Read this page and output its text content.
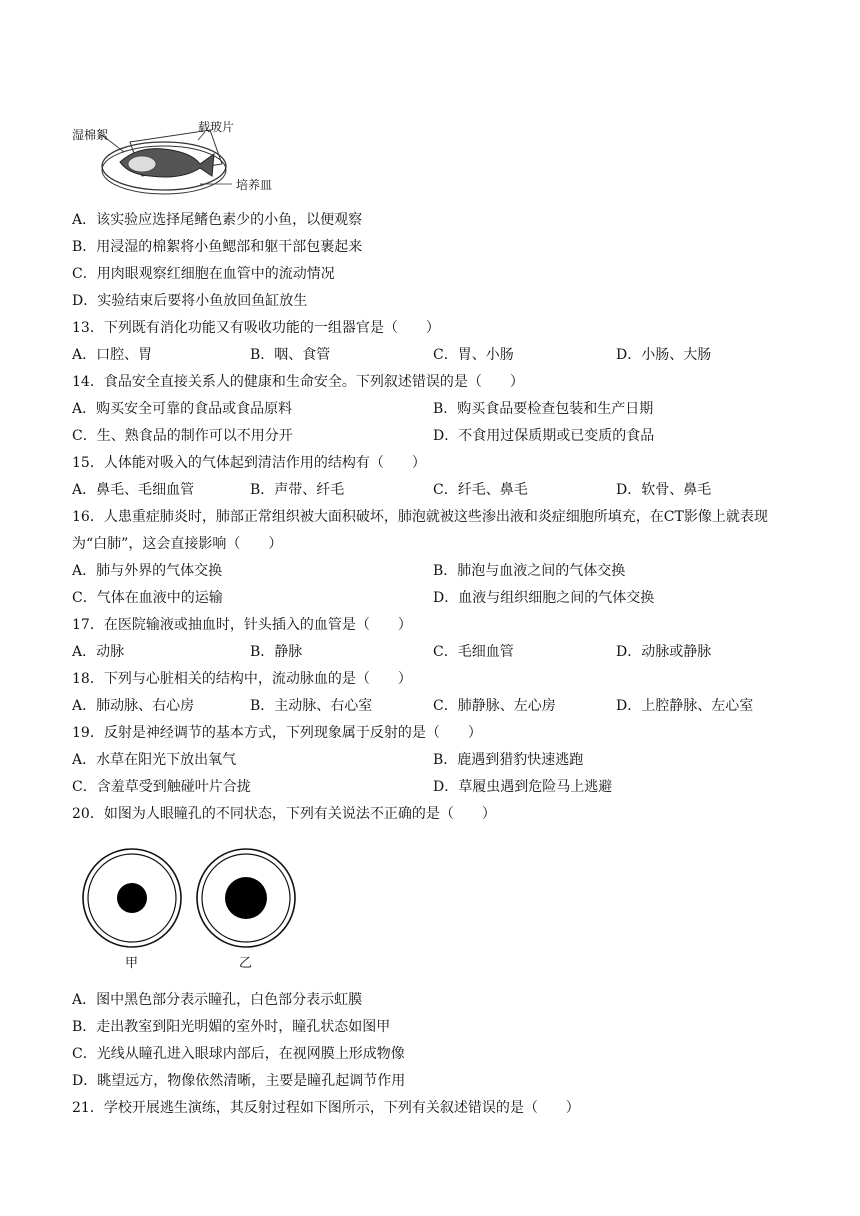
湿棉絮
载玻片
培养皿
A．该实验应选择尾鳍色素少的小鱼，以便观察
B．用浸湿的棉絮将小鱼鳃部和躯干部包裹起来
C．用肉眼观察红细胞在血管中的流动情况
D．实验结束后要将小鱼放回鱼缸放生
13．下列既有消化功能又有吸收功能的一组器官是（　　）
A．口腔、胃	B．咽、食管	C．胃、小肠	D．小肠、大肠
14．食品安全直接关系人的健康和生命安全。下列叙述错误的是（　　）
A．购买安全可靠的食品或食品原料	B．购买食品要检查包装和生产日期
C．生、熟食品的制作可以不用分开	D．不食用过保质期或已变质的食品
15．人体能对吸入的气体起到清洁作用的结构有（　　）
A．鼻毛、毛细血管	B．声带、纤毛	C．纤毛、鼻毛	D．软骨、鼻毛
16．人患重症肺炎时，肺部正常组织被大面积破坏，肺泡就被这些渗出液和炎症细胞所填充，在CT影像上就表现为“白肺”，这会直接影响（　　）
A．肺与外界的气体交换	B．肺泡与血液之间的气体交换
C．气体在血液中的运输	D．血液与组织细胞之间的气体交换
17．在医院输液或抽血时，针头插入的血管是（　　）
A．动脉	B．静脉	C．毛细血管	D．动脉或静脉
18．下列与心脏相关的结构中，流动脉血的是（　　）
A．肺动脉、右心房	B．主动脉、右心室	C．肺静脉、左心房	D．上腔静脉、左心室
19．反射是神经调节的基本方式，下列现象属于反射的是（　　）
A．水草在阳光下放出氧气	B．鹿遇到猎豹快速逃跑
C．含羞草受到触碰叶片合拢	D．草履虫遇到危险马上逃避
20．如图为人眼瞳孔的不同状态，下列有关说法不正确的是（　　）
甲	乙
A．图中黑色部分表示瞳孔，白色部分表示虹膜
B．走出教室到阳光明媚的室外时，瞳孔状态如图甲
C．光线从瞳孔进入眼球内部后，在视网膜上形成物像
D．眺望远方，物像依然清晰，主要是瞳孔起调节作用
21．学校开展逃生演练，其反射过程如下图所示，下列有关叙述错误的是（　　）
